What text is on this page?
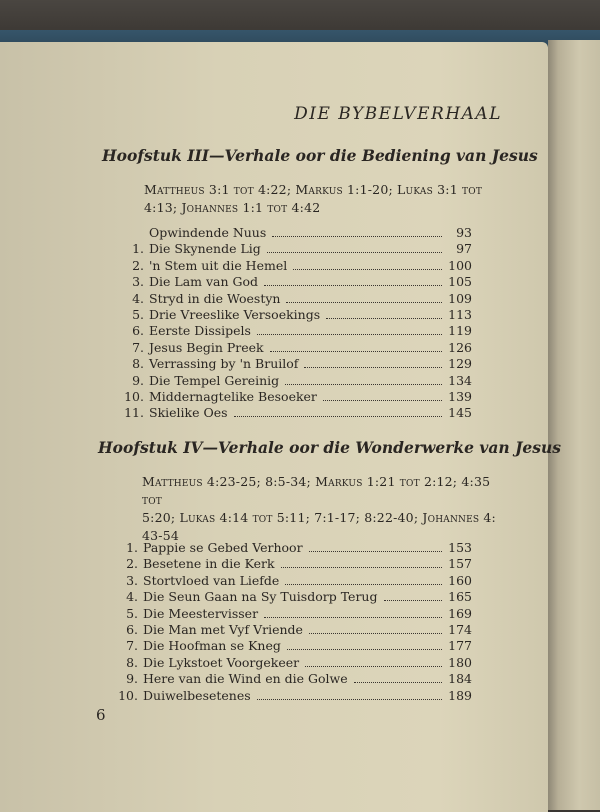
DIE BYBELVERHAAL
Hoofstuk III—Verhale oor die Bediening van Jesus
Mattheus 3:1 tot 4:22; Markus 1:1-20; Lukas 3:1 tot
4:13; Johannes 1:1 tot 4:42
Opwindende Nuus	93
1. Die Skynende Lig	97
2. 'n Stem uit die Hemel	100
3. Die Lam van God	105
4. Stryd in die Woestyn	109
5. Drie Vreeslike Versoekings	113
6. Eerste Dissipels	119
7. Jesus Begin Preek	126
8. Verrassing by 'n Bruilof	129
9. Die Tempel Gereinig	134
10. Middernagtelike Besoeker	139
11. Skielike Oes	145
Hoofstuk IV—Verhale oor die Wonderwerke van Jesus
Mattheus 4:23-25; 8:5-34; Markus 1:21 tot 2:12; 4:35 tot
5:20; Lukas 4:14 tot 5:11; 7:1-17; 8:22-40; Johannes 4:
43-54
1. Pappie se Gebed Verhoor	153
2. Besetene in die Kerk	157
3. Stortvloed van Liefde	160
4. Die Seun Gaan na Sy Tuisdorp Terug	165
5. Die Meestervisser	169
6. Die Man met Vyf Vriende	174
7. Die Hoofman se Kneg	177
8. Die Lykstoet Voorgekeer	180
9. Here van die Wind en die Golwe	184
10. Duiwelbesetenes	189
6
